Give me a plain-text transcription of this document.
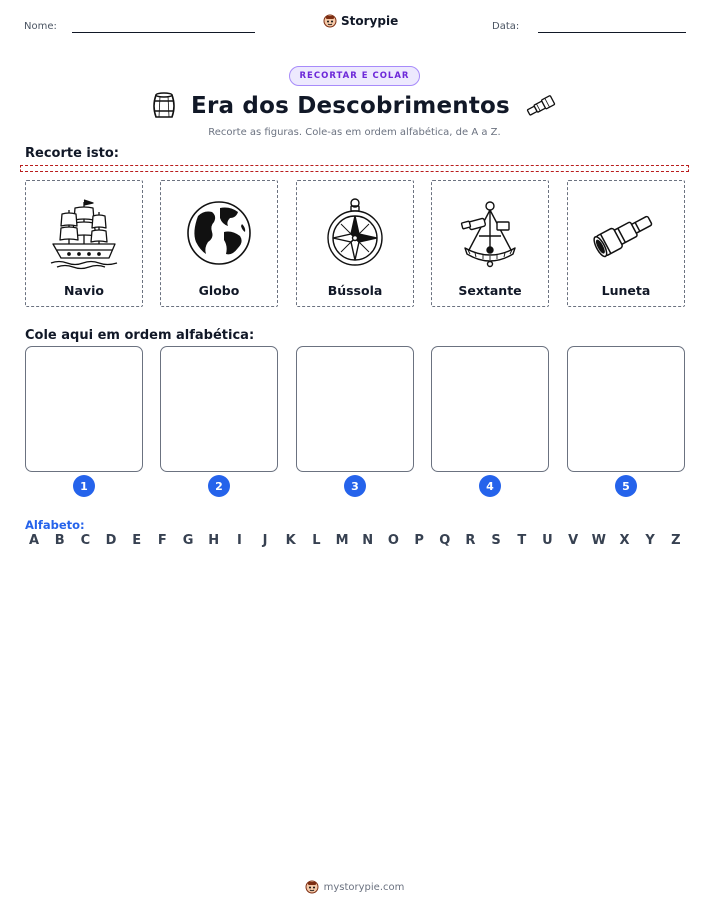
Nome:	Storypie	Data:
RECORTAR E COLAR
Era dos Descobrimentos
Recorte as figuras. Cole-as em ordem alfabética, de A a Z.
Recorte isto:
Navio	Globo	Bússola	Sextante	Luneta
Cole aqui em ordem alfabética:
1	2	3	4	5
Alfabeto:
A	B	C	D	E	F	G H	I	J	K	L	M N O	P	Q	R	S	T	U	V	W	X	Y	Z
mystorypie.com
